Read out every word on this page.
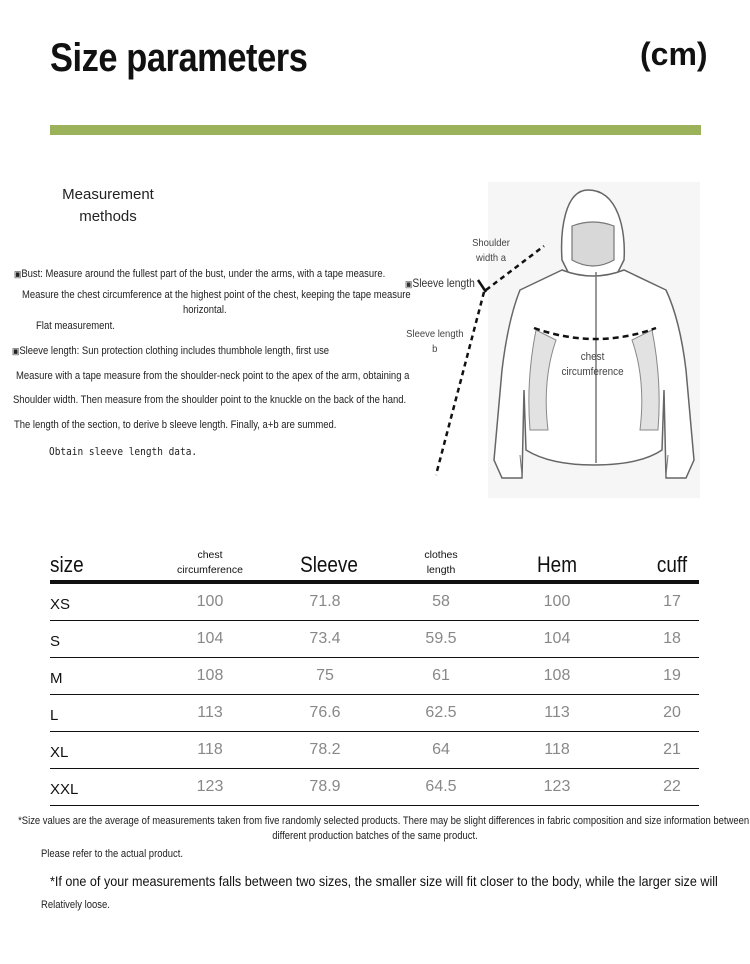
Size parameters	(cm)
Measurement
methods
▣Bust: Measure around the fullest part of the bust, under the arms, with a tape measure.
Measure the chest circumference at the highest point of the chest, keeping the tape measure
horizontal.
Flat measurement.
▣Sleeve length: Sun protection clothing includes thumbhole length, first use
Measure with a tape measure from the shoulder-neck point to the apex of the arm, obtaining a
Shoulder width. Then measure from the shoulder point to the knuckle on the back of the hand.
The length of the section, to derive b sleeve length. Finally, a+b are summed.
Obtain sleeve length data.
Shoulder
width a
▣Sleeve length
Sleeve length
b
chest
circumference
size	chest
circumference	Sleeve	clothes
length	Hem	cuff
XS	100	71.8	58	100	17
S	104	73.4	59.5	104	18
M	108	75	61	108	19
L	113	76.6	62.5	113	20
XL	118	78.2	64	118	21
XXL	123	78.9	64.5	123	22
*Size values are the average of measurements taken from five randomly selected products. There may be slight differences in fabric composition and size information between
different production batches of the same product.
Please refer to the actual product.
*If one of your measurements falls between two sizes, the smaller size will fit closer to the body, while the larger size will
Relatively loose.
